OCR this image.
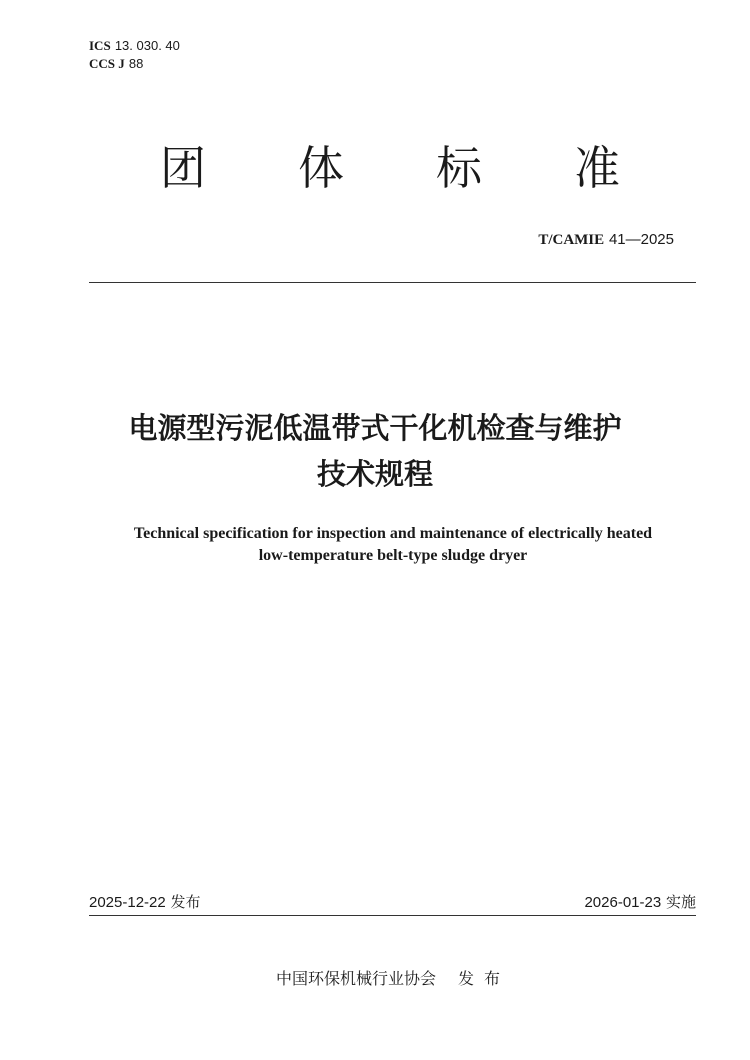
ICS 13. 030. 40
CCS J 88
团 体 标 准
T/CAMIE 41—2025
电源型污泥低温带式干化机检查与维护
技术规程
Technical specification for inspection and maintenance of electrically heated
low-temperature belt-type sludge dryer
2025-12-22 发布	2026-01-23 实施
中国环保机械行业协会 发布
